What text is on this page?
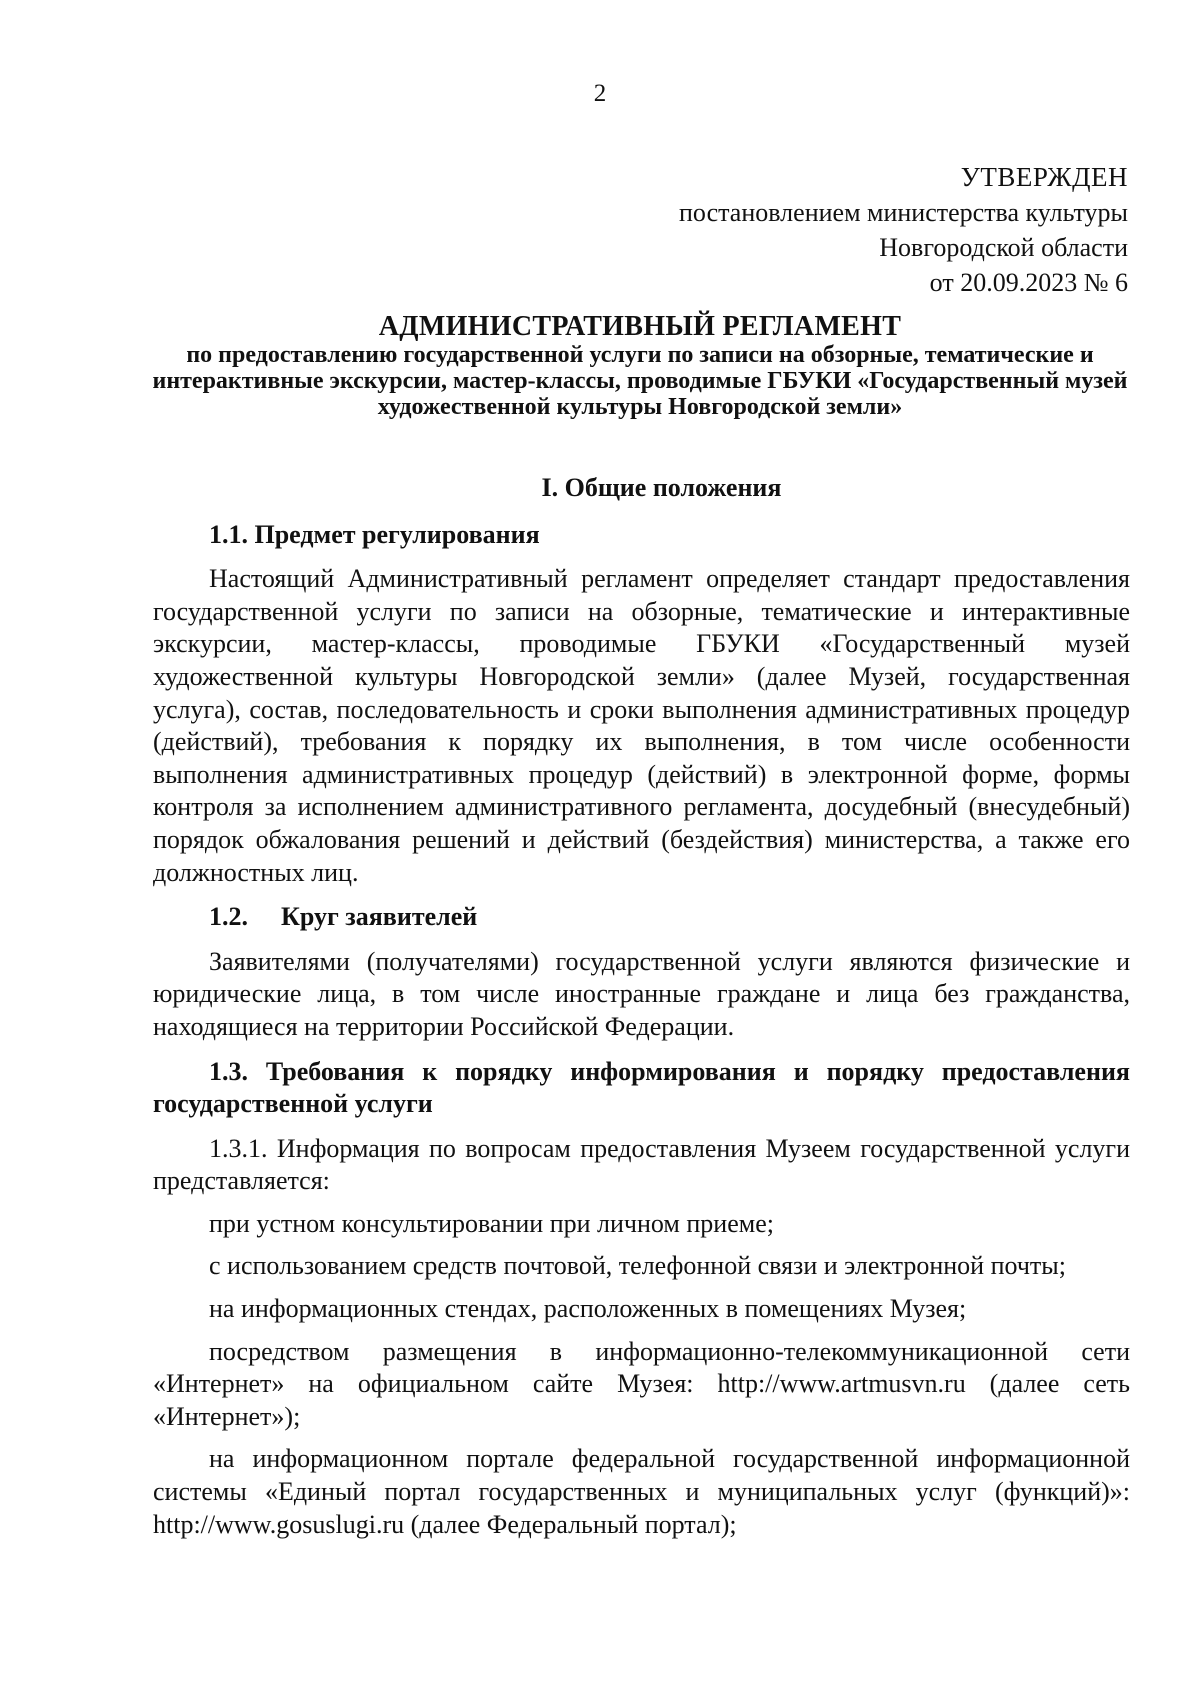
2
УТВЕРЖДЕН
постановлением министерства культуры
Новгородской области
от 20.09.2023 № 6
АДМИНИСТРАТИВНЫЙ РЕГЛАМЕНТ
по предоставлению государственной услуги по записи на обзорные, тематические и интерактивные экскурсии, мастер-классы, проводимые ГБУКИ «Государственный музей художественной культуры Новгородской земли»
I. Общие положения
1.1. Предмет регулирования

Настоящий Административный регламент определяет стандарт предоставления государственной услуги по записи на обзорные, тематические и интерактивные экскурсии, мастер-классы, проводимые ГБУКИ «Государственный музей художественной культуры Новгородской земли» (далее Музей, государственная услуга), состав, последовательность и сроки выполнения административных процедур (действий), требования к порядку их выполнения, в том числе особенности выполнения административных процедур (действий) в электронной форме, формы контроля за исполнением административного регламента, досудебный (внесудебный) порядок обжалования решений и действий (бездействия) министерства, а также его должностных лиц.

1.2. Круг заявителей

Заявителями (получателями) государственной услуги являются физические и юридические лица, в том числе иностранные граждане и лица без гражданства, находящиеся на территории Российской Федерации.

1.3. Требования к порядку информирования и порядку предоставления государственной услуги

1.3.1. Информация по вопросам предоставления Музеем государственной услуги представляется:

при устном консультировании при личном приеме;

с использованием средств почтовой, телефонной связи и электронной почты;

на информационных стендах, расположенных в помещениях Музея;

посредством размещения в информационно-телекоммуникационной сети «Интернет» на официальном сайте Музея: http://www.artmusvn.ru (далее сеть «Интернет»);

на информационном портале федеральной государственной информационной системы «Единый портал государственных и муниципальных услуг (функций)»: http://www.gosuslugi.ru (далее Федеральный портал);
